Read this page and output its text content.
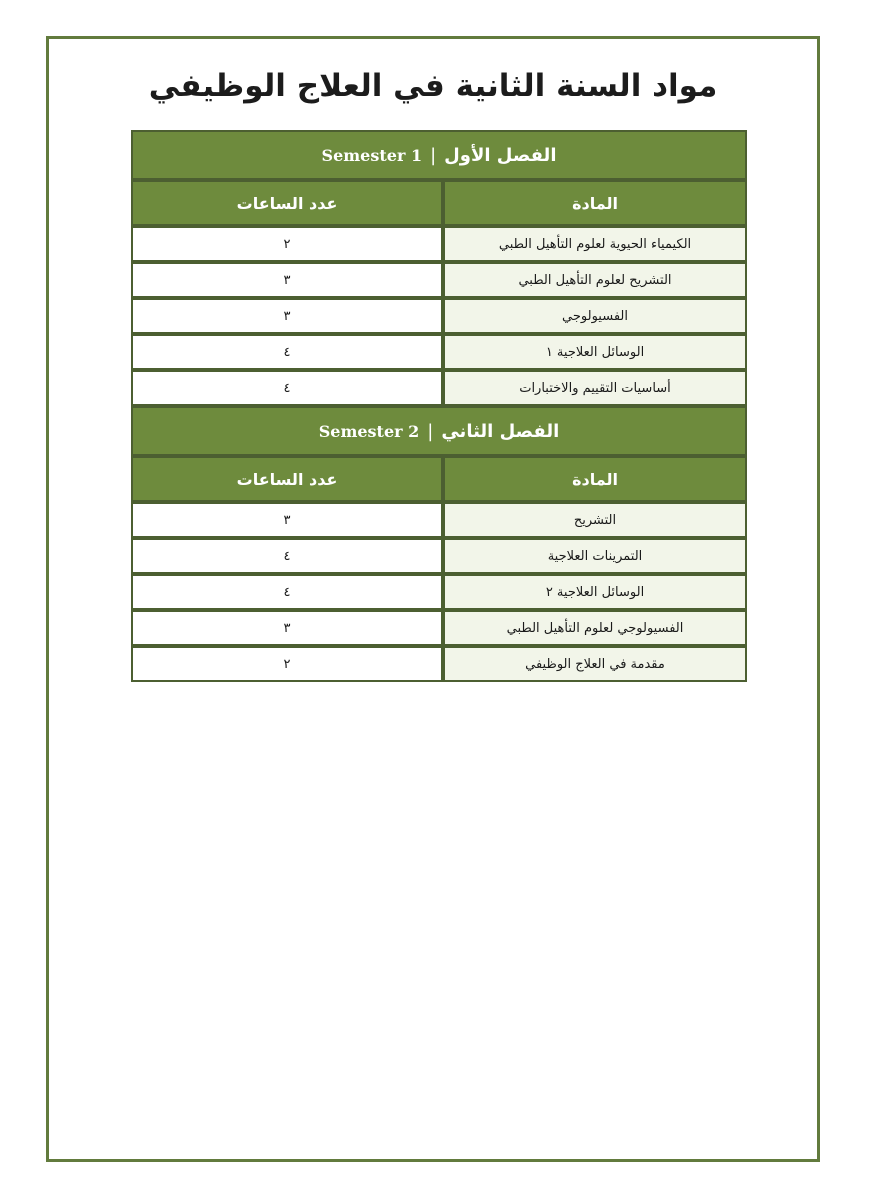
مواد السنة الثانية في العلاج الوظيفي
الفصل الأول
|
Semester 1
عدد الساعات	المادة
٢	الكيمياء الحيوية لعلوم التأهيل الطبي
٣	التشريح لعلوم التأهيل الطبي
٣	الفسيولوجي
٤	الوسائل العلاجية ١
٤	أساسيات التقييم والاختبارات
الفصل الثاني
|
Semester 2
عدد الساعات	المادة
٣	التشريح
٤	التمرينات العلاجية
٤	الوسائل العلاجية ٢
٣	الفسيولوجي لعلوم التأهيل الطبي
٢	مقدمة في العلاج الوظيفي
